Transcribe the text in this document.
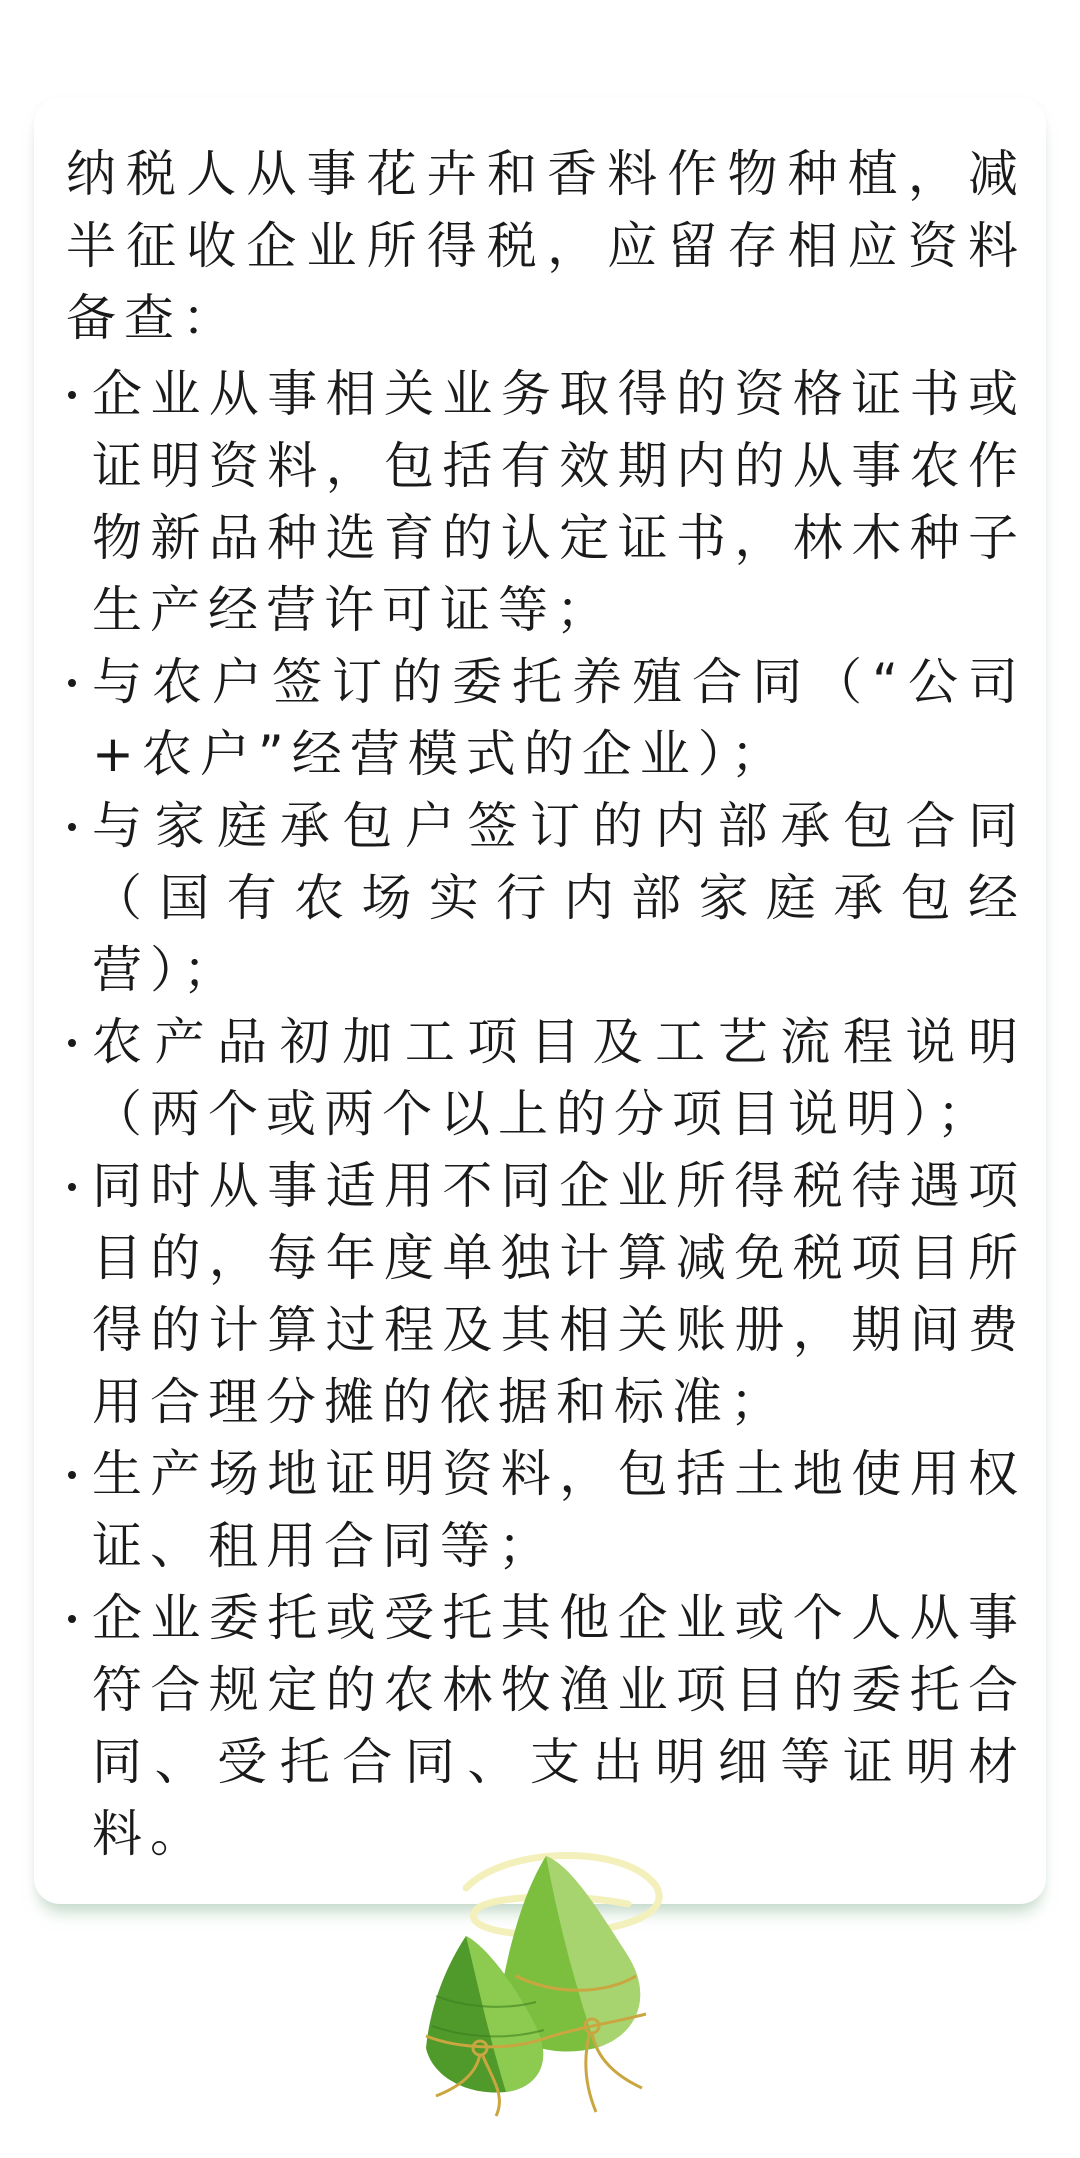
纳税人从事花卉和香料作物种植，减半征收企业所得税，应留存相应资料备查：

企业从事相关业务取得的资格证书或证明资料，包括有效期内的从事农作物新品种选育的认定证书，林木种子生产经营许可证等；
与农户签订的委托养殖合同（“公司+农户”经营模式的企业）；
与家庭承包户签订的内部承包合同（国有农场实行内部家庭承包经营）；
农产品初加工项目及工艺流程说明（两个或两个以上的分项目说明）；
同时从事适用不同企业所得税待遇项目的，每年度单独计算减免税项目所得的计算过程及其相关账册，期间费用合理分摊的依据和标准；
生产场地证明资料，包括土地使用权证、租用合同等；
企业委托或受托其他企业或个人从事符合规定的农林牧渔业项目的委托合同、受托合同、支出明细等证明材料。
